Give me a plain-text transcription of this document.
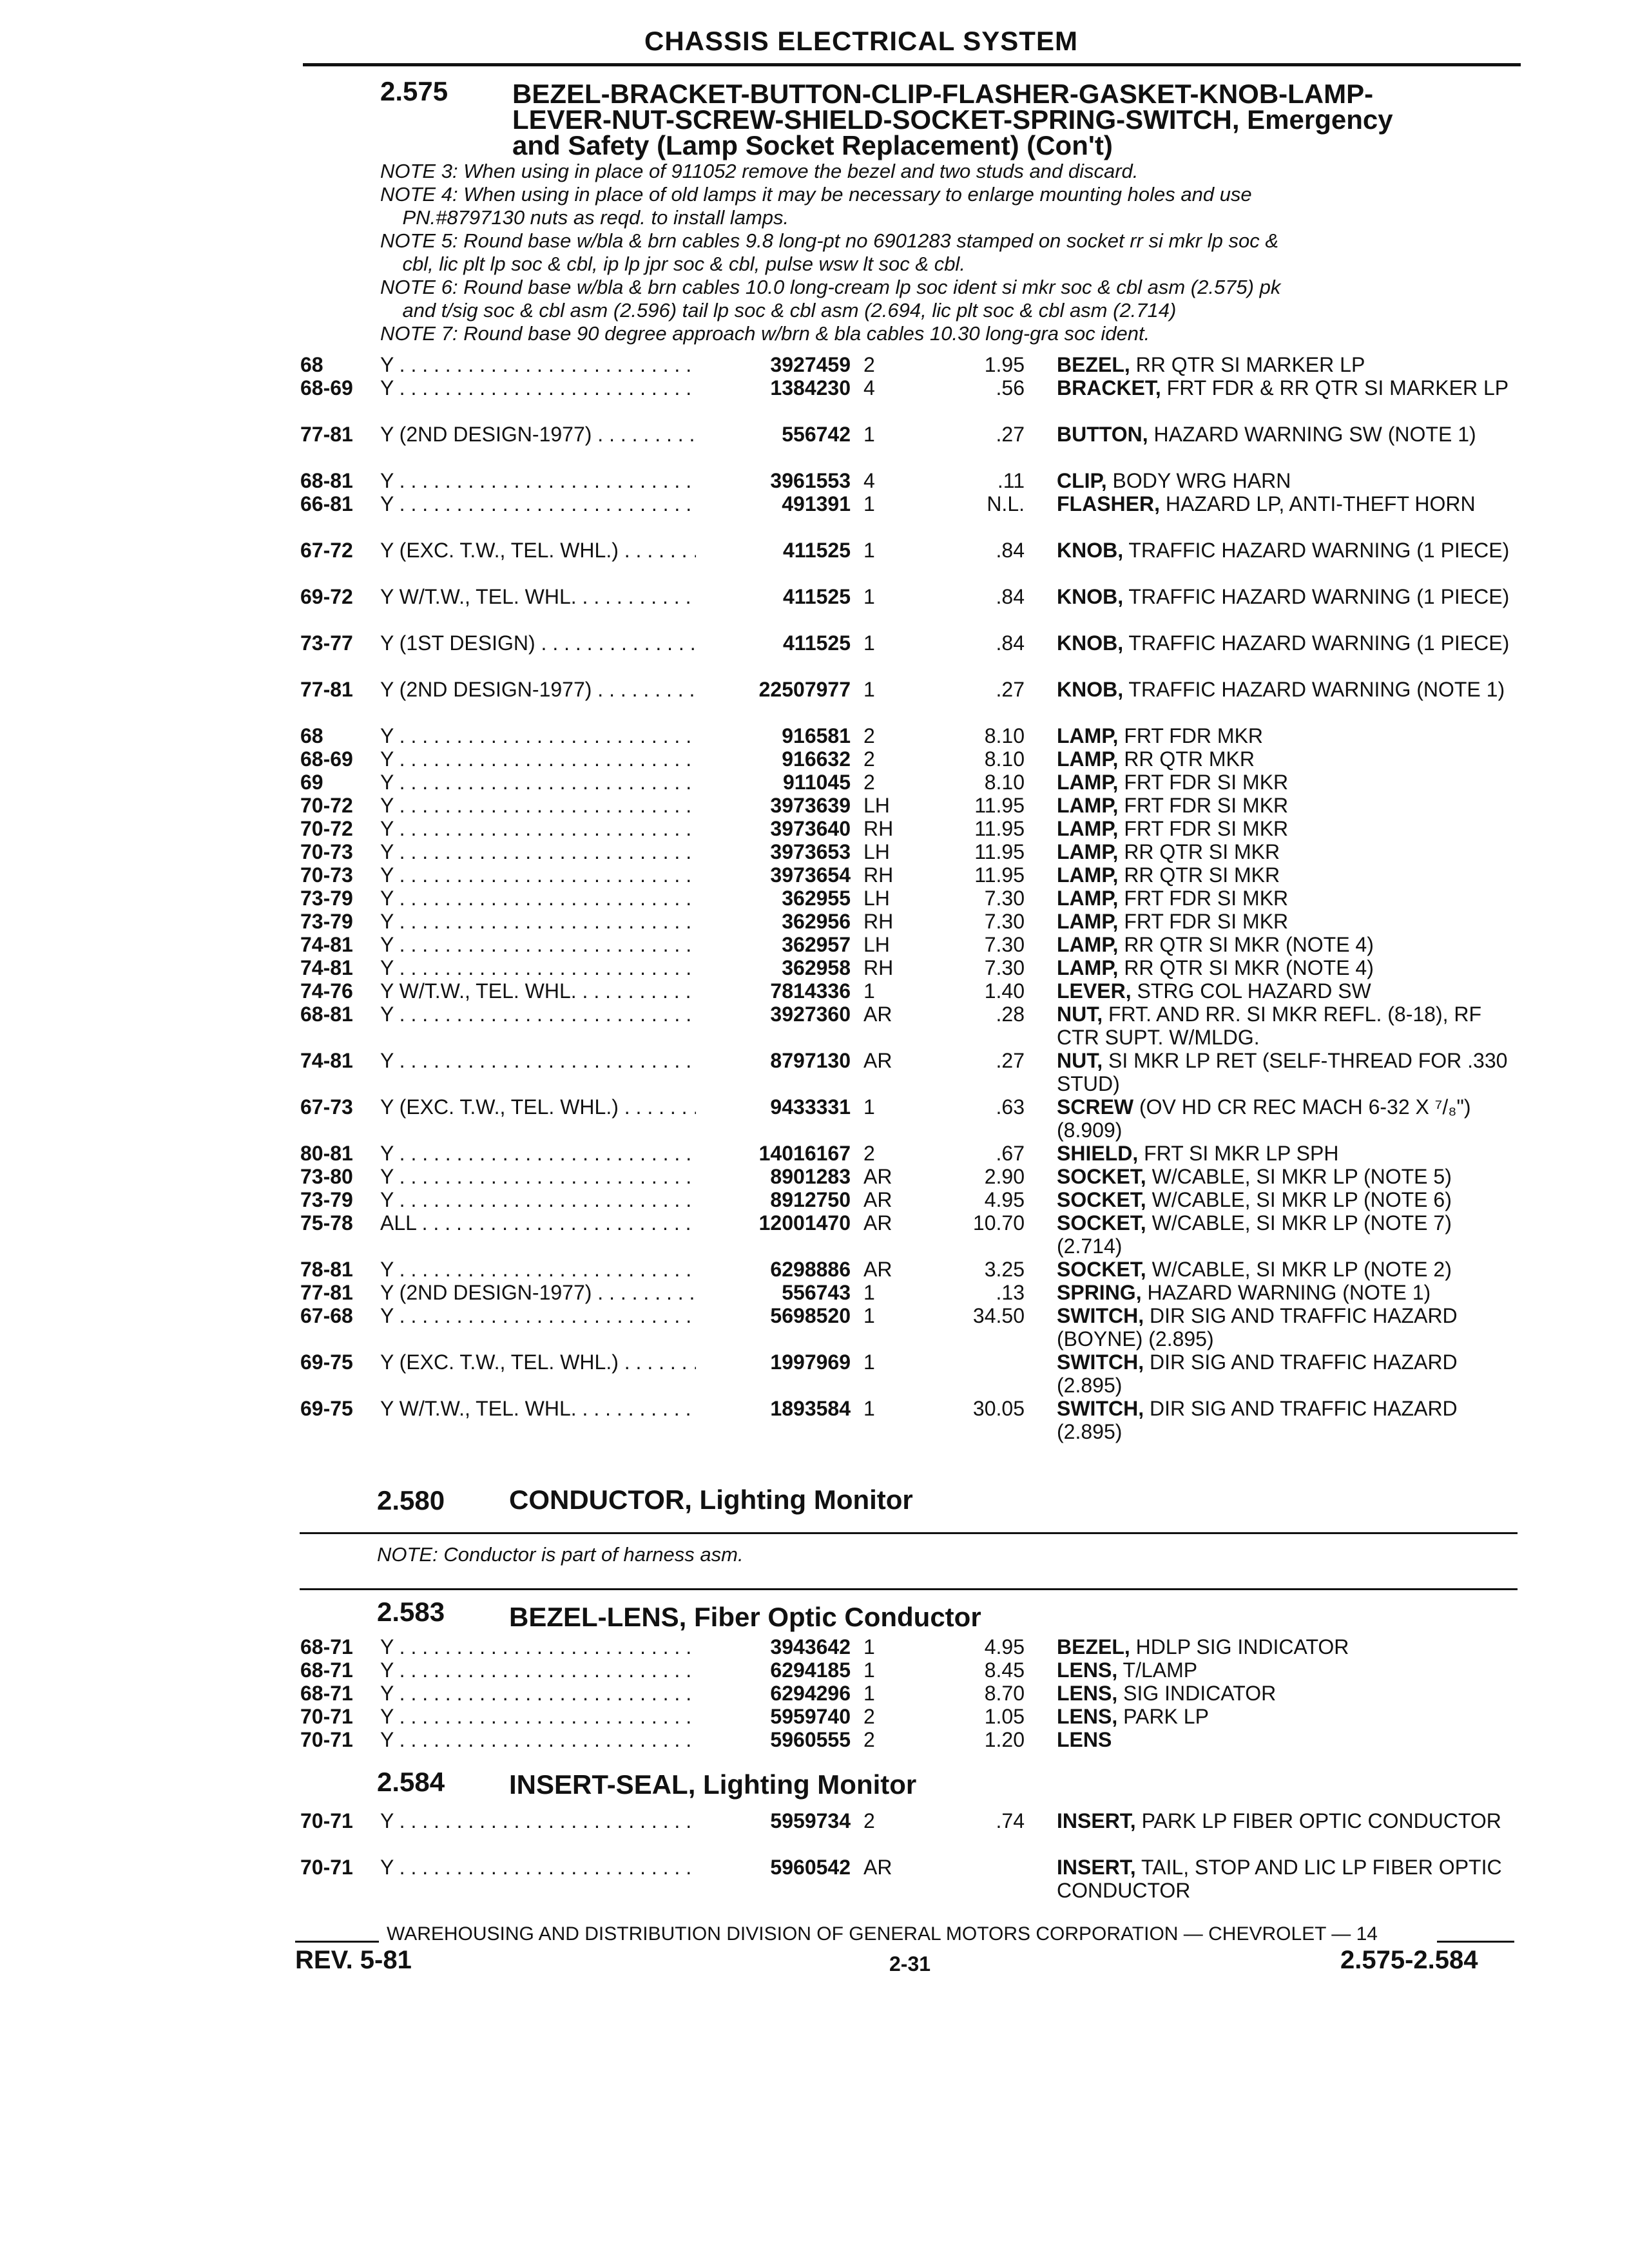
CHASSIS ELECTRICAL SYSTEM
2.575 BEZEL-BRACKET-BUTTON-CLIP-FLASHER-GASKET-KNOB-LAMP-
LEVER-NUT-SCREW-SHIELD-SOCKET-SPRING-SWITCH, Emergency
and Safety (Lamp Socket Replacement) (Con't)
NOTE 3: When using in place of 911052 remove the bezel and two studs and discard.
NOTE 4: When using in place of old lamps it may be necessary to enlarge mounting holes and use
PN.#8797130 nuts as reqd. to install lamps.
NOTE 5: Round base w/bla & brn cables 9.8 long-pt no 6901283 stamped on socket rr si mkr lp soc &
cbl, lic plt lp soc & cbl, ip lp jpr soc & cbl, pulse wsw lt soc & cbl.
NOTE 6: Round base w/bla & brn cables 10.0 long-cream lp soc ident si mkr soc & cbl asm (2.575) pk
and t/sig soc & cbl asm (2.596) tail lp soc & cbl asm (2.694, lic plt soc & cbl asm (2.714)
NOTE 7: Round base 90 degree approach w/brn & bla cables 10.30 long-gra soc ident.
68	Y . . .	3927459 2	1.95 BEZEL, RR QTR SI MARKER LP
68-69 Y . . .	1384230 4	.56 BRACKET, FRT FDR & RR QTR SI MARKER LP
77-81 Y (2ND DESIGN-1977) . . .	556742 1	.27 BUTTON, HAZARD WARNING SW (NOTE 1)
68-81 Y . . .	3961553 4	.11 CLIP, BODY WRG HARN
66-81 Y . . .	491391 1	N.L. FLASHER, HAZARD LP, ANTI-THEFT HORN
67-72 Y (EXC. T.W., TEL. WHL.) . . .	411525 1	.84 KNOB, TRAFFIC HAZARD WARNING (1 PIECE)
69-72 Y W/T.W., TEL. WHL. . . .	411525 1	.84 KNOB, TRAFFIC HAZARD WARNING (1 PIECE)
73-77 Y (1ST DESIGN) . . .	411525 1	.84 KNOB, TRAFFIC HAZARD WARNING (1 PIECE)
77-81 Y (2ND DESIGN-1977) . . .	22507977 1	.27 KNOB, TRAFFIC HAZARD WARNING (NOTE 1)
68	Y . . .	916581 2	8.10 LAMP, FRT FDR MKR
68-69 Y . . .	916632 2	8.10 LAMP, RR QTR MKR
69	Y . . .	911045 2	8.10 LAMP, FRT FDR SI MKR
70-72 Y . . .	3973639 LH	11.95 LAMP, FRT FDR SI MKR
70-72 Y . . .	3973640 RH	11.95 LAMP, FRT FDR SI MKR
70-73 Y . . .	3973653 LH	11.95 LAMP, RR QTR SI MKR
70-73 Y . . .	3973654 RH	11.95 LAMP, RR QTR SI MKR
73-79 Y . . .	362955 LH	7.30 LAMP, FRT FDR SI MKR
73-79 Y . . .	362956 RH	7.30 LAMP, FRT FDR SI MKR
74-81 Y . . .	362957 LH	7.30 LAMP, RR QTR SI MKR (NOTE 4)
74-81 Y . . .	362958 RH	7.30 LAMP, RR QTR SI MKR (NOTE 4)
74-76 Y W/T.W., TEL. WHL. . . .	7814336 1	1.40 LEVER, STRG COL HAZARD SW
68-81 Y . . .	3927360 AR	.28 NUT, FRT. AND RR. SI MKR REFL. (8-18), RF CTR SUPT. W/MLDG.
74-81 Y . . .	8797130 AR	.27 NUT, SI MKR LP RET (SELF-THREAD FOR .330 STUD)
67-73 Y (EXC. T.W., TEL. WHL.) . . .	9433331 1	.63 SCREW (OV HD CR REC MACH 6-32 X ⁷/₈") (8.909)
80-81 Y . . .	14016167 2	.67 SHIELD, FRT SI MKR LP SPH
73-80 Y . . .	8901283 AR	2.90 SOCKET, W/CABLE, SI MKR LP (NOTE 5)
73-79 Y . . .	8912750 AR	4.95 SOCKET, W/CABLE, SI MKR LP (NOTE 6)
75-78 ALL . . .	12001470 AR	10.70 SOCKET, W/CABLE, SI MKR LP (NOTE 7) (2.714)
78-81 Y . . .	6298886 AR	3.25 SOCKET, W/CABLE, SI MKR LP (NOTE 2)
77-81 Y (2ND DESIGN-1977) . . .	556743 1	.13 SPRING, HAZARD WARNING (NOTE 1)
67-68 Y . . .	5698520 1	34.50 SWITCH, DIR SIG AND TRAFFIC HAZARD (BOYNE) (2.895)
69-75 Y (EXC. T.W., TEL. WHL.) . . .	1997969 1	SWITCH, DIR SIG AND TRAFFIC HAZARD (2.895)
69-75 Y W/T.W., TEL. WHL. . . .	1893584 1	30.05 SWITCH, DIR SIG AND TRAFFIC HAZARD (2.895)
2.580 CONDUCTOR, Lighting Monitor
NOTE: Conductor is part of harness asm.
2.583 BEZEL-LENS, Fiber Optic Conductor
68-71 Y . . .	3943642 1	4.95 BEZEL, HDLP SIG INDICATOR
68-71 Y . . .	6294185 1	8.45 LENS, T/LAMP
68-71 Y . . .	6294296 1	8.70 LENS, SIG INDICATOR
70-71 Y . . .	5959740 2	1.05 LENS, PARK LP
70-71 Y . . .	5960555 2	1.20 LENS
2.584 INSERT-SEAL, Lighting Monitor
70-71 Y . . .	5959734 2	.74 INSERT, PARK LP FIBER OPTIC CONDUCTOR
70-71 Y . . .	5960542 AR	INSERT, TAIL, STOP AND LIC LP FIBER OPTIC CONDUCTOR
WAREHOUSING AND DISTRIBUTION DIVISION OF GENERAL MOTORS CORPORATION — CHEVROLET — 14
REV. 5-81	2-31	2.575-2.584
